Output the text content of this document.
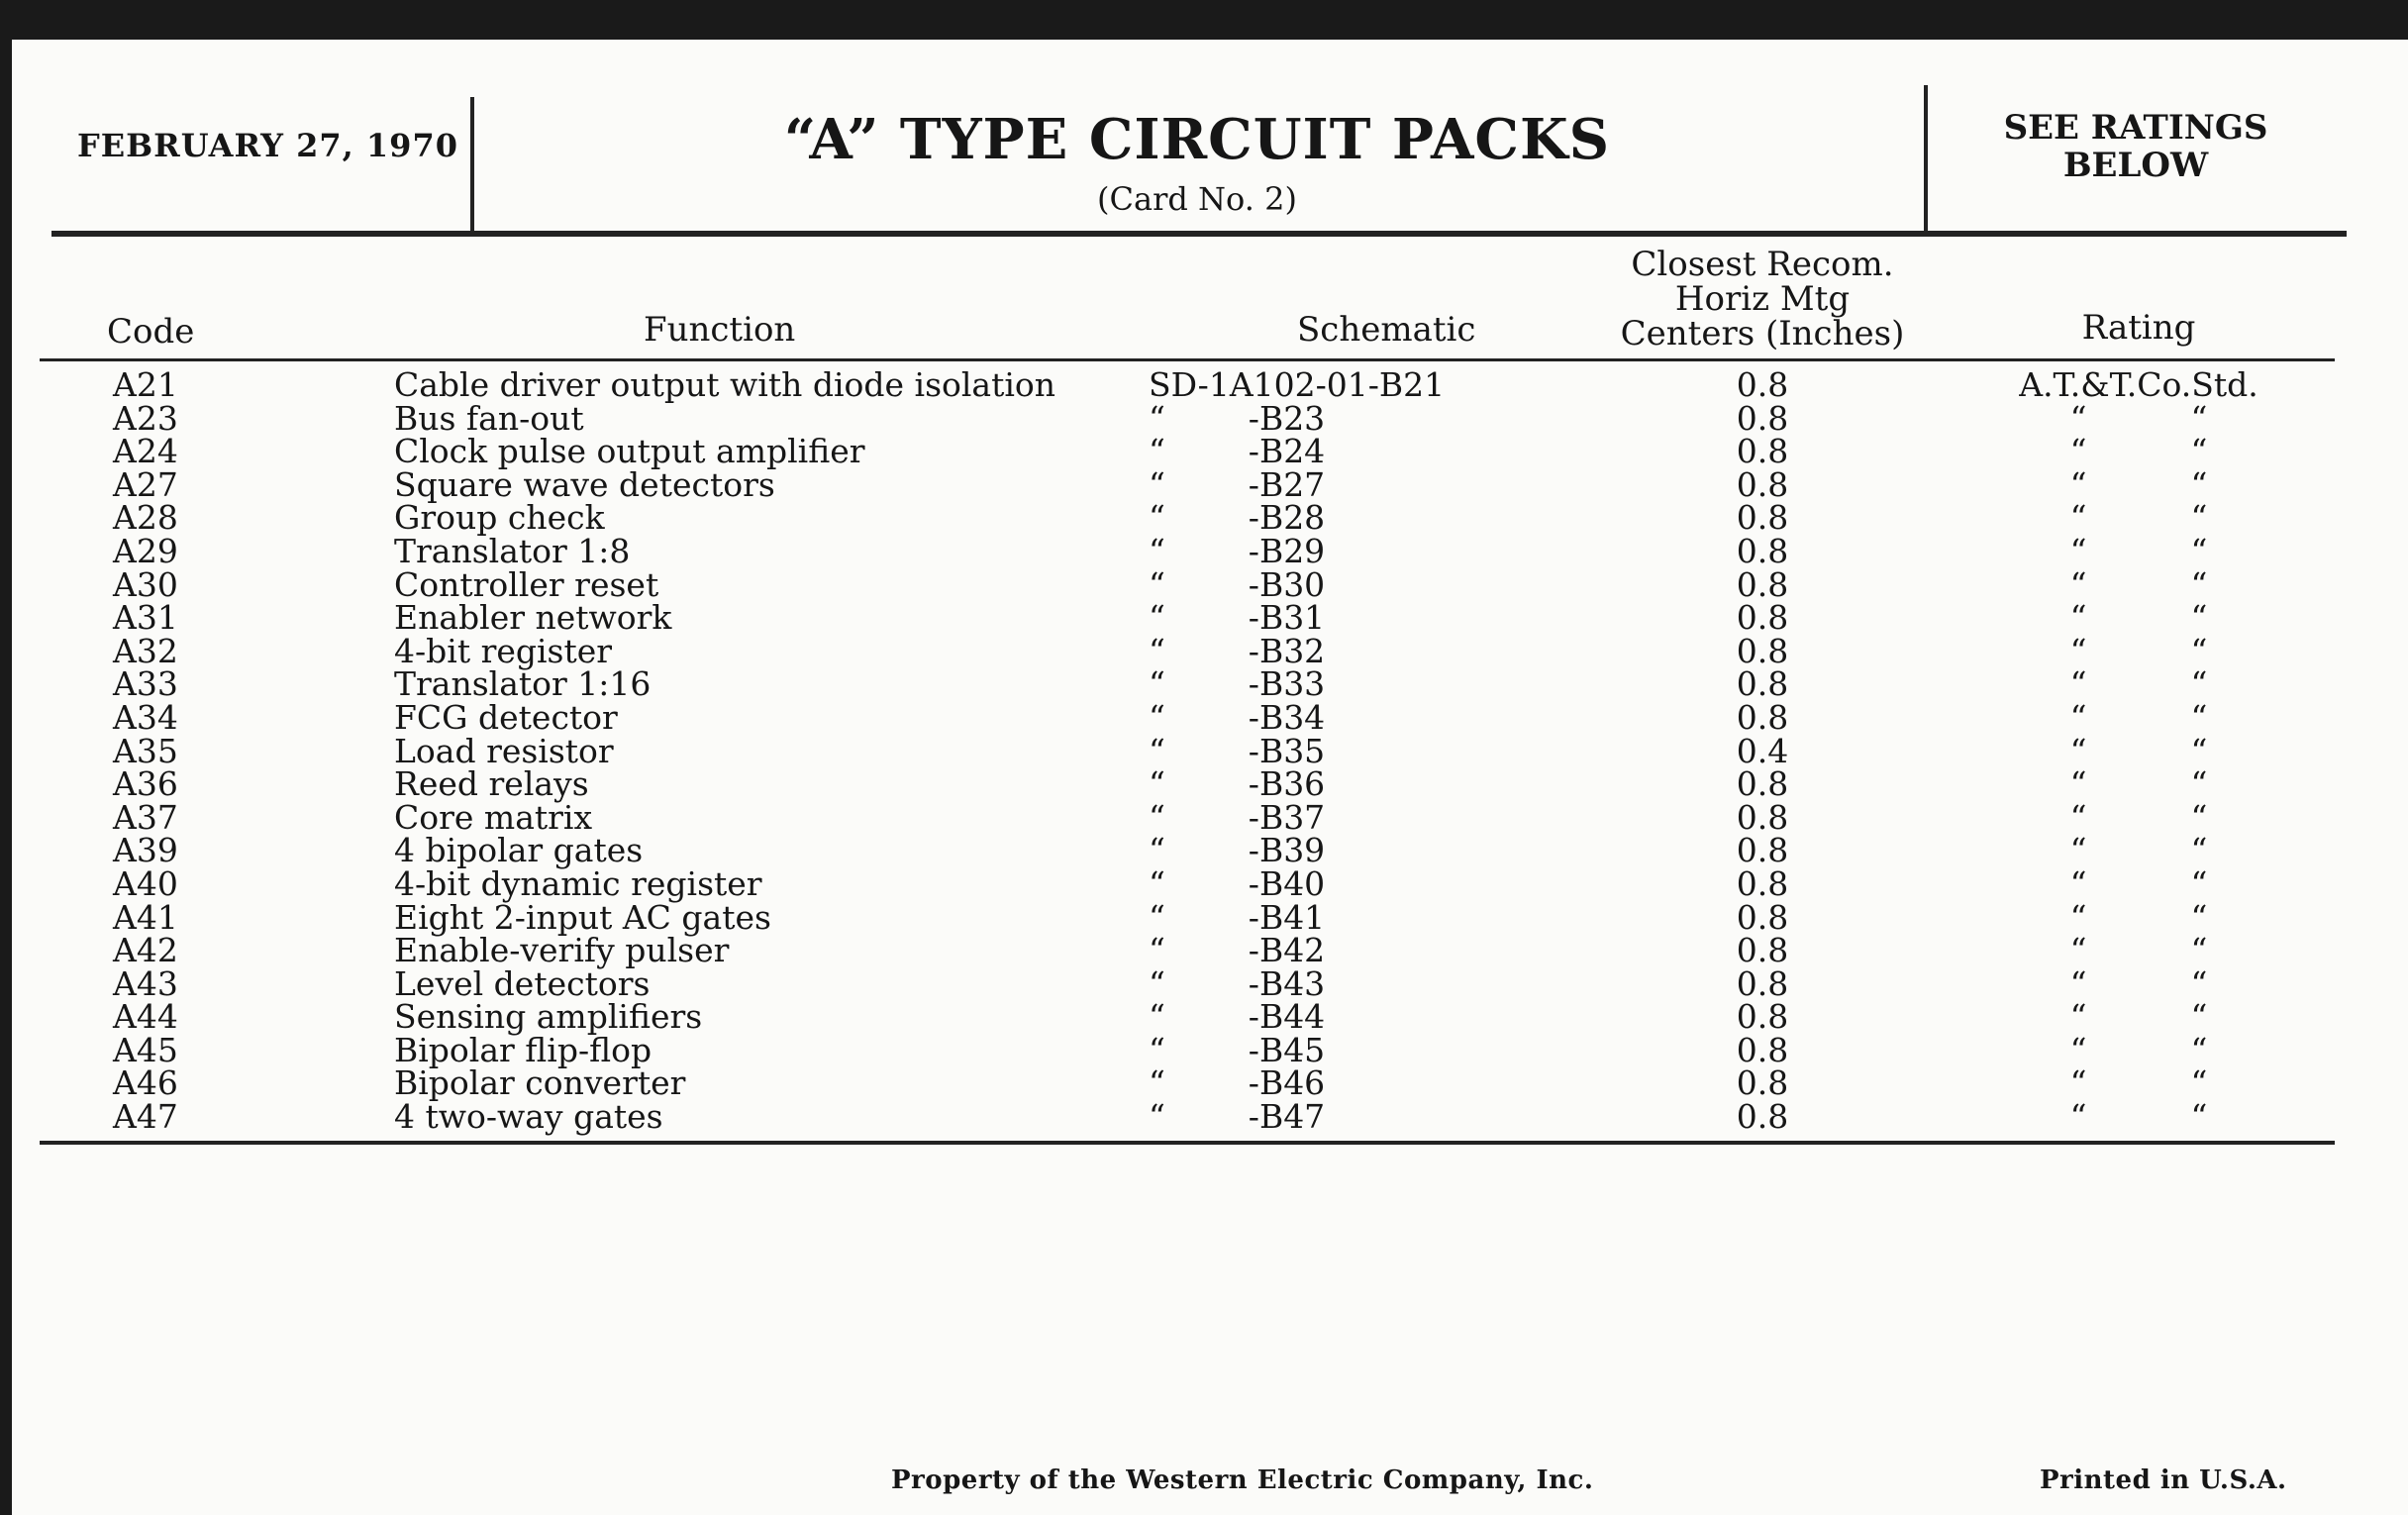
FEBRUARY 27, 1970	“A” TYPE CIRCUIT PACKS
(Card No. 2)
SEE RATINGS BELOW
Code	Function	Schematic
Closest Recom. Horiz Mtg Centers (Inches)	Rating
A21	Cable driver output with diode isolation	SD-1A102-01-B21	0.8	A.T.&T.Co.Std.
A23	Bus fan-out	“        -B23	0.8	“          “
A24	Clock pulse output amplifier	“        -B24	0.8	“          “
A27	Square wave detectors	“        -B27	0.8	“          “
A28	Group check	“        -B28	0.8	“          “
A29	Translator 1:8	“        -B29	0.8	“          “
A30	Controller reset	“        -B30	0.8	“          “
A31	Enabler network	“        -B31	0.8	“          “
A32	4-bit register	“        -B32	0.8	“          “
A33	Translator 1:16	“        -B33	0.8	“          “
A34	FCG detector	“        -B34	0.8	“          “
A35	Load resistor	“        -B35	0.4	“          “
A36	Reed relays	“        -B36	0.8	“          “
A37	Core matrix	“        -B37	0.8	“          “
A39	4 bipolar gates	“        -B39	0.8	“          “
A40	4-bit dynamic register	“        -B40	0.8	“          “
A41	Eight 2-input AC gates	“        -B41	0.8	“          “
A42	Enable-verify pulser	“        -B42	0.8	“          “
A43	Level detectors	“        -B43	0.8	“          “
A44	Sensing amplifiers	“        -B44	0.8	“          “
A45	Bipolar flip-flop	“        -B45	0.8	“          “
A46	Bipolar converter	“        -B46	0.8	“          “
A47	4 two-way gates	“        -B47	0.8	“          “
Property of the Western Electric Company, Inc.	Printed in U.S.A.
